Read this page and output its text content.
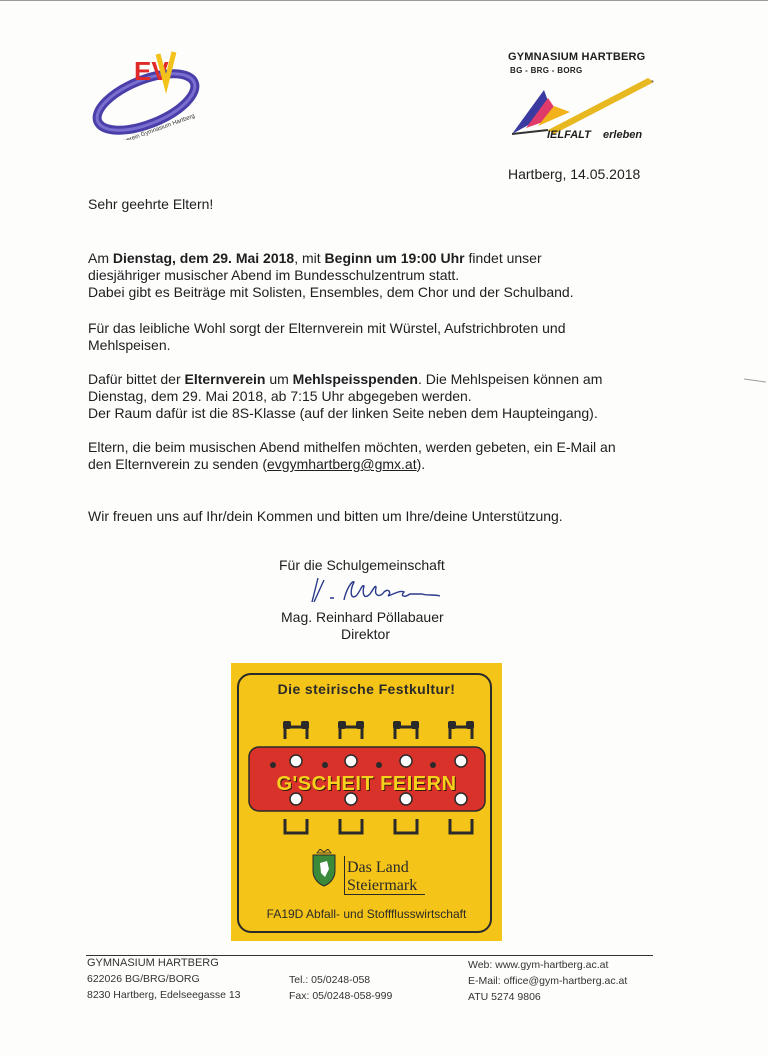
EV
Elternverein Gymnasium Hartberg
GYMNASIUM HARTBERG
BG - BRG - BORG
•
IELFALT erleben
Hartberg, 14.05.2018
Sehr geehrte Eltern!
Am Dienstag, dem 29. Mai 2018, mit Beginn um 19:00 Uhr findet unser
diesjähriger musischer Abend im Bundesschulzentrum statt.
Dabei gibt es Beiträge mit Solisten, Ensembles, dem Chor und der Schulband.
Für das leibliche Wohl sorgt der Elternverein mit Würstel, Aufstrichbroten und
Mehlspeisen.
Dafür bittet der Elternverein um Mehlspeisspenden. Die Mehlspeisen können am
Dienstag, dem 29. Mai 2018, ab 7:15 Uhr abgegeben werden.
Der Raum dafür ist die 8S-Klasse (auf der linken Seite neben dem Haupteingang).
Eltern, die beim musischen Abend mithelfen möchten, werden gebeten, ein E-Mail an
den Elternverein zu senden (evgymhartberg@gmx.at).
Wir freuen uns auf Ihr/dein Kommen und bitten um Ihre/deine Unterstützung.
Für die Schulgemeinschaft
Mag. Reinhard Pöllabauer
Direktor
Die steirische Festkultur!
G'SCHEIT FEIERN
Das Land
Steiermark
FA19D Abfall- und Stoffflusswirtschaft
GYMNASIUM HARTBERG
622026 BG/BRG/BORG
8230 Hartberg, Edelseegasse 13
Tel.: 05/0248-058
Fax: 05/0248-058-999
Web: www.gym-hartberg.ac.at
E-Mail: office@gym-hartberg.ac.at
ATU 5274 9806
